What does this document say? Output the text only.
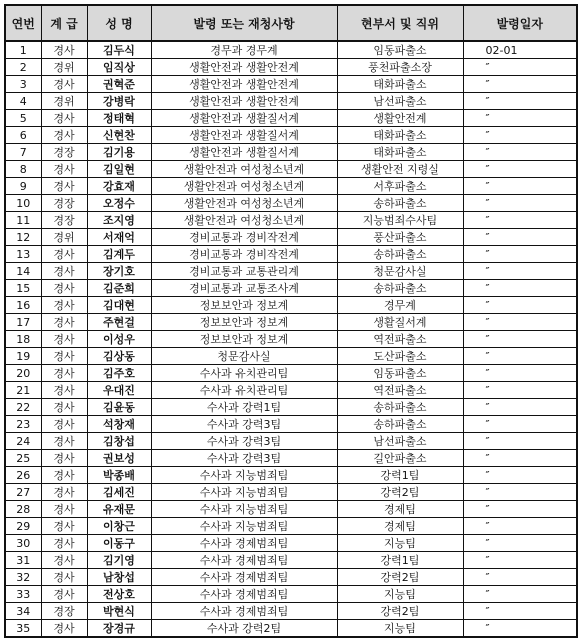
연번	계 급	성 명	발령 또는 재청사항	현부서 및 직위	발령일자
1	경사	김두식	경무과 경무계	임동파출소	02-01
2	경위	임직상	생활안전과 생활안전계	풍천파출소장	″
3	경사	권혁준	생활안전과 생활안전계	태화파출소	″
4	경위	강병락	생활안전과 생활안전계	남선파출소	″
5	경사	정태혁	생활안전과 생활질서계	생활안전계	″
6	경사	신현찬	생활안전과 생활질서계	태화파출소	″
7	경장	김기용	생활안전과 생활질서계	태화파출소	″
8	경사	김일현	생활안전과 여성청소년계	생활안전 지령실	″
9	경사	강효재	생활안전과 여성청소년계	서후파출소	″
10	경장	오정수	생활안전과 여성청소년계	송하파출소	″
11	경장	조지영	생활안전과 여성청소년계	지능범죄수사팀	″
12	경위	서재억	경비교통과 경비작전계	풍산파출소	″
13	경사	김계두	경비교통과 경비작전계	송하파출소	″
14	경사	장기호	경비교통과 교통관리계	청문감사실	″
15	경사	김준희	경비교통과 교통조사계	송하파출소	″
16	경사	김대현	정보보안과 정보계	경무계	″
17	경사	주현걸	정보보안과 정보계	생활질서계	″
18	경사	이성우	정보보안과 정보계	역전파출소	″
19	경사	김상동	청문감사실	도산파출소	″
20	경사	김주호	수사과 유치관리팀	임동파출소	″
21	경사	우대진	수사과 유치관리팀	역전파출소	″
22	경사	김윤동	수사과 강력1팀	송하파출소	″
23	경사	석창재	수사과 강력3팀	송하파출소	″
24	경사	김창섭	수사과 강력3팀	남선파출소	″
25	경사	권보성	수사과 강력3팀	길안파출소	″
26	경사	박종배	수사과 지능범죄팀	강력1팀	″
27	경사	김세진	수사과 지능범죄팀	강력2팀	″
28	경사	유재문	수사과 지능범죄팀	경제팀	″
29	경사	이창근	수사과 지능범죄팀	경제팀	″
30	경사	이동구	수사과 경제범죄팀	지능팀	″
31	경사	김기영	수사과 경제범죄팀	강력1팀	″
32	경사	남창섭	수사과 경제범죄팀	강력2팀	″
33	경사	전상호	수사과 경제범죄팀	지능팀	″
34	경장	박현식	수사과 경제범죄팀	강력2팀	″
35	경사	장경규	수사과 강력2팀	지능팀	″
